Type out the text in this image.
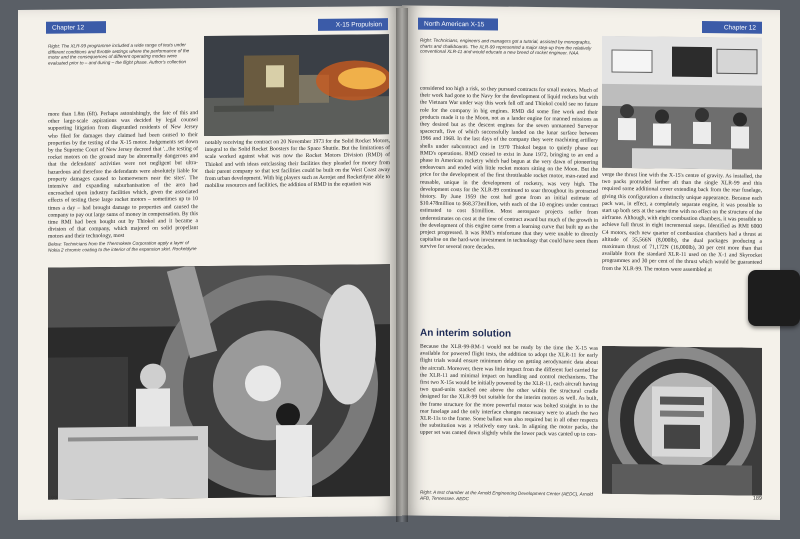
Chapter 12	X-15 Propulsion
Right: The XLR-99 programme included a wide range of tests under different conditions and throttle settings where the performance of the motor and the consequences of different operating modes were evaluated prior to – and during – the flight phase. Author's collection

more than 1.8m (6ft). Perhaps astonishingly, the fate of this and other large-scale aspirations was decided by legal counsel supporting litigation from disgruntled residents of New Jersey who filed for damages they claimed had been caused to their properties by the testing of the X-15 motor. Judgements set down by the Supreme Court of New Jersey decreed that '...the testing of rocket motors on the ground may be abnormally dangerous and that the defendants' activities were not negligent but ultra-hazardous and therefore the defendants were absolutely liable for property damages caused to homeowners near the sites'. The intensive and expanding suburbanisation of the area had encroached upon industry facilities which, given the associated effects of testing these large rocket motors – sometimes up to 10 times a day – had brought damage to properties and caused the company to pay out large sums of money in compensation. By this time RMI had been bought out by Thiokol and it became a division of that company, which majored on solid propellant motors and their technology, most

notably receiving the contract on 20 November 1973 for the Solid Rocket Motors, integral to the Solid Rocket Boosters for the Space Shuttle. But the limitations of scale worked against what was now the Rocket Motors Division (RMD) of Thiokol and with ideas outclassing their facilities they pleaded for money from their parent company so that test facilities could be built on the West Coast away from urban development. With big players such as Aerojet and Rocketdyne able to mobilise resources and facilities, the addition of RMD in the equation was

Below: Technicians from the Thermokete Corporation apply a layer of Nokia 2 chromic coating to the interior of the expansion skirt. Rocketdyne
188
North American X-15	Chapter 12
Right: Technicians, engineers and managers got a tutorial, assisted by monographs, charts and chalkboards. The XLR-99 represented a major step-up from the relatively conventional XLR-11 and would educate a new breed of rocket engineer. NAA

considered too high a risk, so they pursued contracts for small motors. Much of their work had gone to the Navy for the development of liquid rockets but with the Vietnam War under way this work fell off and Thiokol could see no future role for the company in big engines. RMD did some fine work and their products made it to the Moon, not as a lander engine for manned missions as they desired but as the descent engines for the seven unmanned Surveyor spacecraft, five of which successfully landed on the lunar surface between 1966 and 1968. In the last days of the company they were machining artillery shells under subcontract and in 1970 Thiokol began to quietly phase out RMD's operations. RMD ceased to exist in June 1972, bringing to an end a phase in American rocketry which had begun at the very dawn of pioneering endeavours and ended with little rocket motors sitting on the Moon. But the price for the development of the first throttleable rocket motor, man-rated and reusable, unique in the development of rocketry, was very high. The development costs for the XLR-99 continued to soar throughout its protracted history. By June 1959 the cost had gone from an initial estimate of $10.478million to $68.373million, with each of the 10 engines under contract estimated to cost $1million. Most aerospace projects suffer from underestimates on cost at the time of contract award but much of the growth in the development of this engine came from a learning curve that built up as the project progressed. It was RMI's misfortune that they were unable to directly capitalise on the hard-won investment in technology that could have seen them survive for several more decades.

An interim solution

Because the XLR-99-RM-1 would not be ready by the time the X-15 was available for powered flight tests, the addition to adopt the XLR-11 for early flight trials would ensure minimum delay on getting aerodynamic data about the aircraft. Moreover, there was little impact from the different fuel carried for the XLR-11 and minimal impact on handling and control mechanisms. The first two X-15s would be initially powered by the XLR-11, each aircraft having two quad-units stacked one above the other within the structural cradle designed for the XLR-99 but suitable for the interim motors as well. As built, the frame structure for the more powerful motor was bolted straight in to the rear fuselage and the only interface changes necessary were to attach the two XLR-11s to the frame. Some ballast was also required but in all other respects the substitution was a relatively easy task. In aligning the motor packs, the upper set was canted down slightly while the lower pack was canted up to con-

verge the thrust line with the X-15's centre of gravity. As installed, the two packs protruded farther aft than the single XLR-99 and this required some additional cover extending back from the rear fuselage, giving this configuration a distinctly unique appearance. Because each pack was, in effect, a completely separate engine, it was possible to start up both sets at the same time with no effect on the structure of the airframe. Although, with eight combustion chambers, it was possible to achieve full thrust in eight incremental steps. Identified as RMI 6000 C4 motors, each new quarter of combustion chambers had a thrust at altitude of 35,566N (8,000lb), the dual packages producing a maximum thrust of 71,172N (16,000lb), 30 per cent more than that available from the standard XLR-11 used on the X-1 and Skyrocket programmes and 30 per cent of the thrust which would be guaranteed from the XLR-99. The motors were assembled at

Right: A test chamber at the Arnold Engineering Development Center (AEDC), Arnold AFB, Tennessee. AEDC	189
